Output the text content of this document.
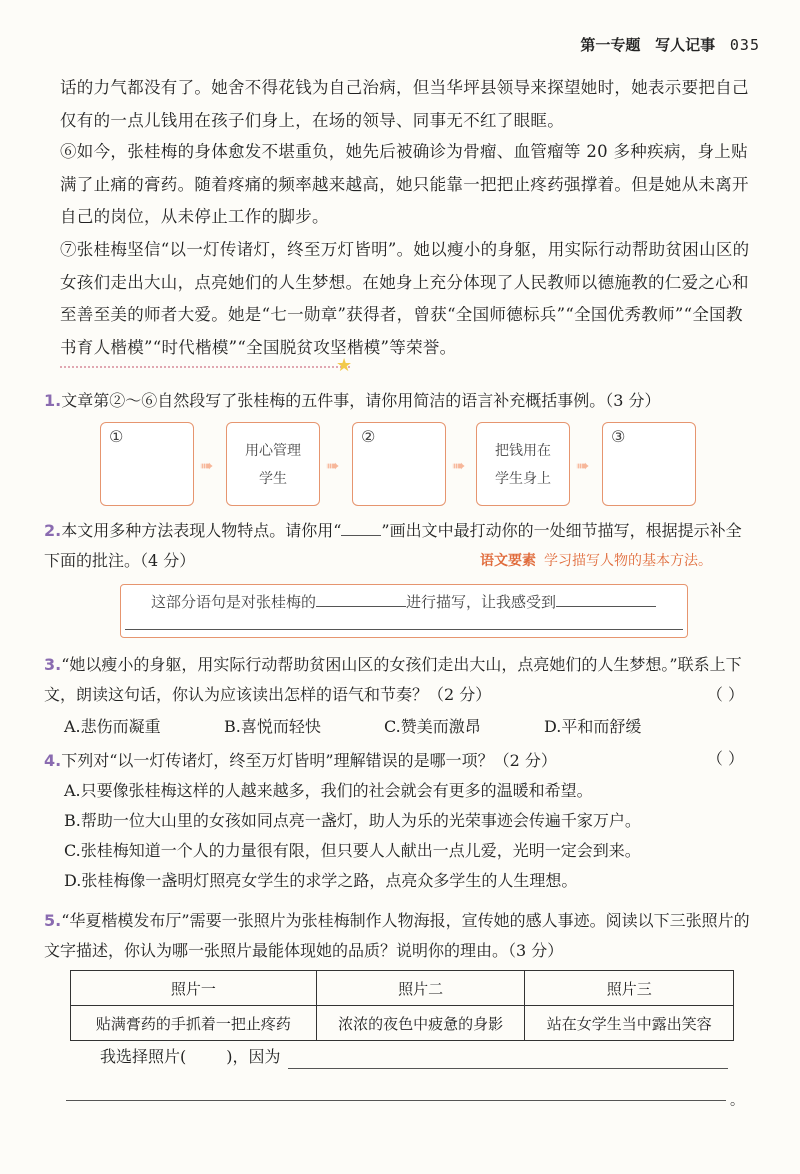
第一专题 写人记事 035
话的力气都没有了。她舍不得花钱为自己治病，但当华坪县领导来探望她时，她表示要把自己仅有的一点儿钱用在孩子们身上，在场的领导、同事无不红了眼眶。
⑥如今，张桂梅的身体愈发不堪重负，她先后被确诊为骨瘤、血管瘤等 20 多种疾病，身上贴满了止痛的膏药。随着疼痛的频率越来越高，她只能靠一把把止疼药强撑着。但是她从未离开自己的岗位，从未停止工作的脚步。
⑦张桂梅坚信“以一灯传诸灯，终至万灯皆明”。她以瘦小的身躯，用实际行动帮助贫困山区的女孩们走出大山，点亮她们的人生梦想。在她身上充分体现了人民教师以德施教的仁爱之心和至善至美的师者大爱。她是“七一勋章”获得者，曾获“全国师德标兵”“全国优秀教师”“全国教书育人楷模”“时代楷模”“全国脱贫攻坚楷模”等荣誉。
★
1.文章第②～⑥自然段写了张桂梅的五件事，请你用简洁的语言补充概括事例。（3 分）
①
➠
用心管理学生
➠
②
➠
把钱用在学生身上
➠
③
2.本文用多种方法表现人物特点。请你用“	”画出文中最打动你的一处细节描写，根据提示补全下面的批注。（4 分）	语文要素 学习描写人物的基本方法。
这部分语句是对张桂梅的	进行描写，让我感受到
3.“她以瘦小的身躯，用实际行动帮助贫困山区的女孩们走出大山，点亮她们的人生梦想。”联系上下文，朗读这句话，你认为应该读出怎样的语气和节奏？（2 分）	（ ）
A.悲伤而凝重	B.喜悦而轻快	C.赞美而激昂	D.平和而舒缓
4.下列对“以一灯传诸灯，终至万灯皆明”理解错误的是哪一项？（2 分）	（ ）
A.只要像张桂梅这样的人越来越多，我们的社会就会有更多的温暖和希望。
B.帮助一位大山里的女孩如同点亮一盏灯，助人为乐的光荣事迹会传遍千家万户。
C.张桂梅知道一个人的力量很有限，但只要人人献出一点儿爱，光明一定会到来。
D.张桂梅像一盏明灯照亮女学生的求学之路，点亮众多学生的人生理想。
5.“华夏楷模发布厅”需要一张照片为张桂梅制作人物海报，宣传她的感人事迹。阅读以下三张照片的文字描述，你认为哪一张照片最能体现她的品质？说明你的理由。（3 分）
照片一	照片二	照片三
贴满膏药的手抓着一把止疼药	浓浓的夜色中疲惫的身影	站在女学生当中露出笑容
我选择照片(	)，因为
。
